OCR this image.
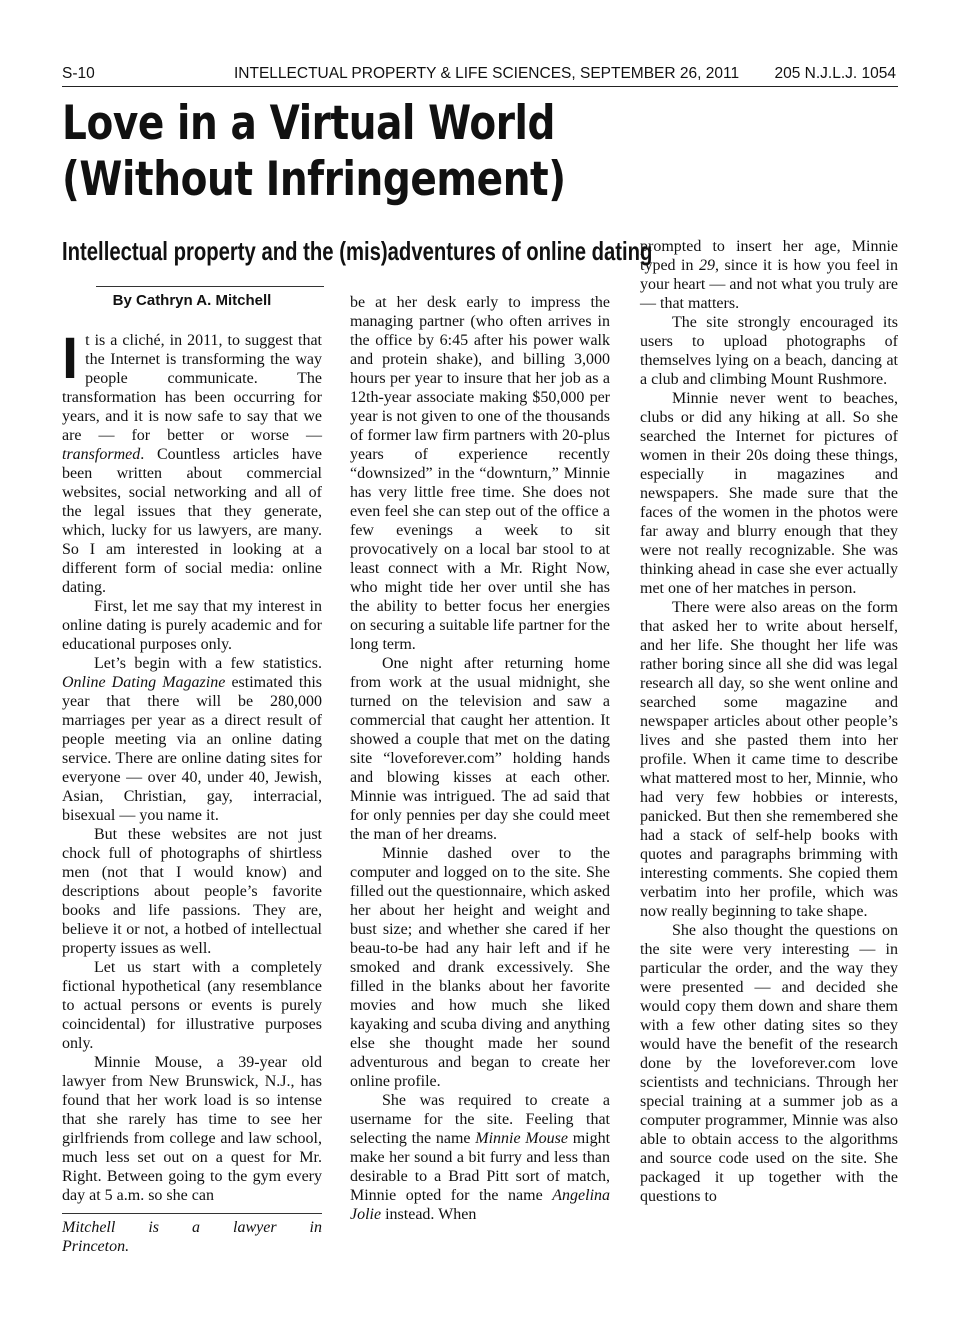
S-10	INTELLECTUAL PROPERTY & LIFE SCIENCES, SEPTEMBER 26, 2011 205 N.J.L.J. 1054
Love in a Virtual World
(Without Infringement)
Intellectual property and the (mis)adventures of online dating
By Cathryn A. Mitchell

It is a cliché, in 2011, to suggest that the Internet is transforming the way people communicate. The transformation has been occurring for years, and it is now safe to say that we are — for better or worse — transformed. Countless articles have been written about commercial websites, social networking and all of the legal issues that they generate, which, lucky for us lawyers, are many. So I am interested in looking at a different form of social media: online dating.

First, let me say that my interest in online dating is purely academic and for educational purposes only.

Let’s begin with a few statistics. Online Dating Magazine estimated this year that there will be 280,000 marriages per year as a direct result of people meeting via an online dating service. There are online dating sites for everyone — over 40, under 40, Jewish, Asian, Christian, gay, interracial, bisexual — you name it.

But these websites are not just chock full of photographs of shirtless men (not that I would know) and descriptions about people’s favorite books and life passions. They are, believe it or not, a hotbed of intellectual property issues as well.

Let us start with a completely fictional hypothetical (any resemblance to actual persons or events is purely coincidental) for illustrative purposes only.

Minnie Mouse, a 39-year old lawyer from New Brunswick, N.J., has found that her work load is so intense that she rarely has time to see her girlfriends from college and law school, much less set out on a quest for Mr. Right. Between going to the gym every day at 5 a.m. so she can

Mitchell is a lawyer in
Princeton.

be at her desk early to impress the managing partner (who often arrives in the office by 6:45 after his power walk and protein shake), and billing 3,000 hours per year to insure that her job as a 12th-year associate making $50,000 per year is not given to one of the thousands of former law firm partners with 20-plus years of experience recently “downsized” in the “downturn,” Minnie has very little free time. She does not even feel she can step out of the office a few evenings a week to sit provocatively on a local bar stool to at least connect with a Mr. Right Now, who might tide her over until she has the ability to better focus her energies on securing a suitable life partner for the long term.

One night after returning home from work at the usual midnight, she turned on the television and saw a commercial that caught her attention. It showed a couple that met on the dating site “loveforever.com” holding hands and blowing kisses at each other. Minnie was intrigued. The ad said that for only pennies per day she could meet the man of her dreams.

Minnie dashed over to the computer and logged on to the site. She filled out the questionnaire, which asked her about her height and weight and bust size; and whether she cared if her beau-to-be had any hair left and if he smoked and drank excessively. She filled in the blanks about her favorite movies and how much she liked kayaking and scuba diving and anything else she thought made her sound adventurous and began to create her online profile.

She was required to create a username for the site. Feeling that selecting the name Minnie Mouse might make her sound a bit furry and less than desirable to a Brad Pitt sort of match, Minnie opted for the name Angelina Jolie instead. When

prompted to insert her age, Minnie typed in 29, since it is how you feel in your heart — and not what you truly are — that matters.

The site strongly encouraged its users to upload photographs of themselves lying on a beach, dancing at a club and climbing Mount Rushmore.

Minnie never went to beaches, clubs or did any hiking at all. So she searched the Internet for pictures of women in their 20s doing these things, especially in magazines and newspapers. She made sure that the faces of the women in the photos were far away and blurry enough that they were not really recognizable. She was thinking ahead in case she ever actually met one of her matches in person.

There were also areas on the form that asked her to write about herself, and her life. She thought her life was rather boring since all she did was legal research all day, so she went online and searched some magazine and newspaper articles about other people’s lives and she pasted them into her profile. When it came time to describe what mattered most to her, Minnie, who had very few hobbies or interests, panicked. But then she remembered she had a stack of self-help books with quotes and paragraphs brimming with interesting comments. She copied them verbatim into her profile, which was now really beginning to take shape.

She also thought the questions on the site were very interesting — in particular the order, and the way they were presented — and decided she would copy them down and share them with a few other dating sites so they would have the benefit of the research done by the loveforever.com love scientists and technicians. Through her special training at a summer job as a computer programmer, Minnie was also able to obtain access to the algorithms and source code used on the site. She packaged it up together with the questions to
